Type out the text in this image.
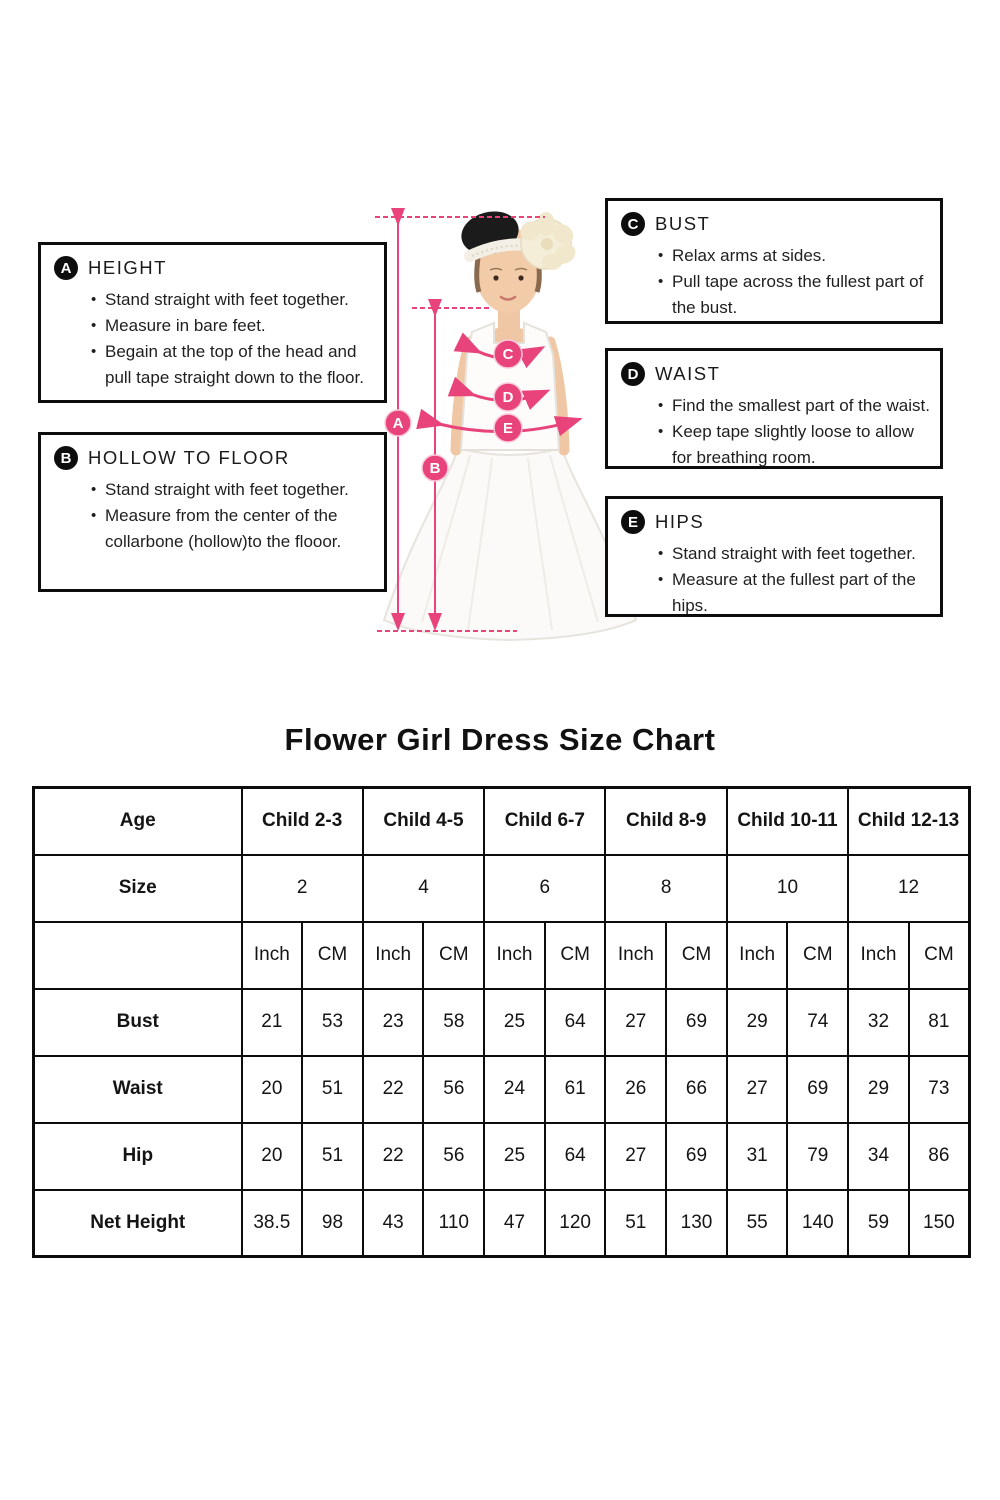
A
B
C
D
E
A HEIGHT
• Stand straight with feet together.
• Measure in bare feet.
• Begain at the top of the head and pull tape straight down to the floor.
B HOLLOW TO FLOOR
• Stand straight with feet together.
• Measure from the center of the collarbone (hollow)to the flooor.
C BUST
• Relax arms at sides.
• Pull tape across the fullest part of the bust.
D WAIST
• Find the smallest part of the waist.
• Keep tape slightly loose to allow for breathing room.
E HIPS
• Stand straight with feet together.
• Measure at the fullest part of the hips.
Flower Girl Dress Size Chart
Age	Child 2-3		Child 4-5		Child 6-7		Child 8-9		Child 10-11		Child 12-13	
Size	2		4		6		8		10		12	
	Inch	CM	Inch	CM	Inch	CM	Inch	CM	Inch	CM	Inch	CM
Bust	21	53	23	58	25	64	27	69	29	74	32	81
Waist	20	51	22	56	24	61	26	66	27	69	29	73
Hip	20	51	22	56	25	64	27	69	31	79	34	86
Net Height	38.5	98	43	110	47	120	51	130	55	140	59	150
